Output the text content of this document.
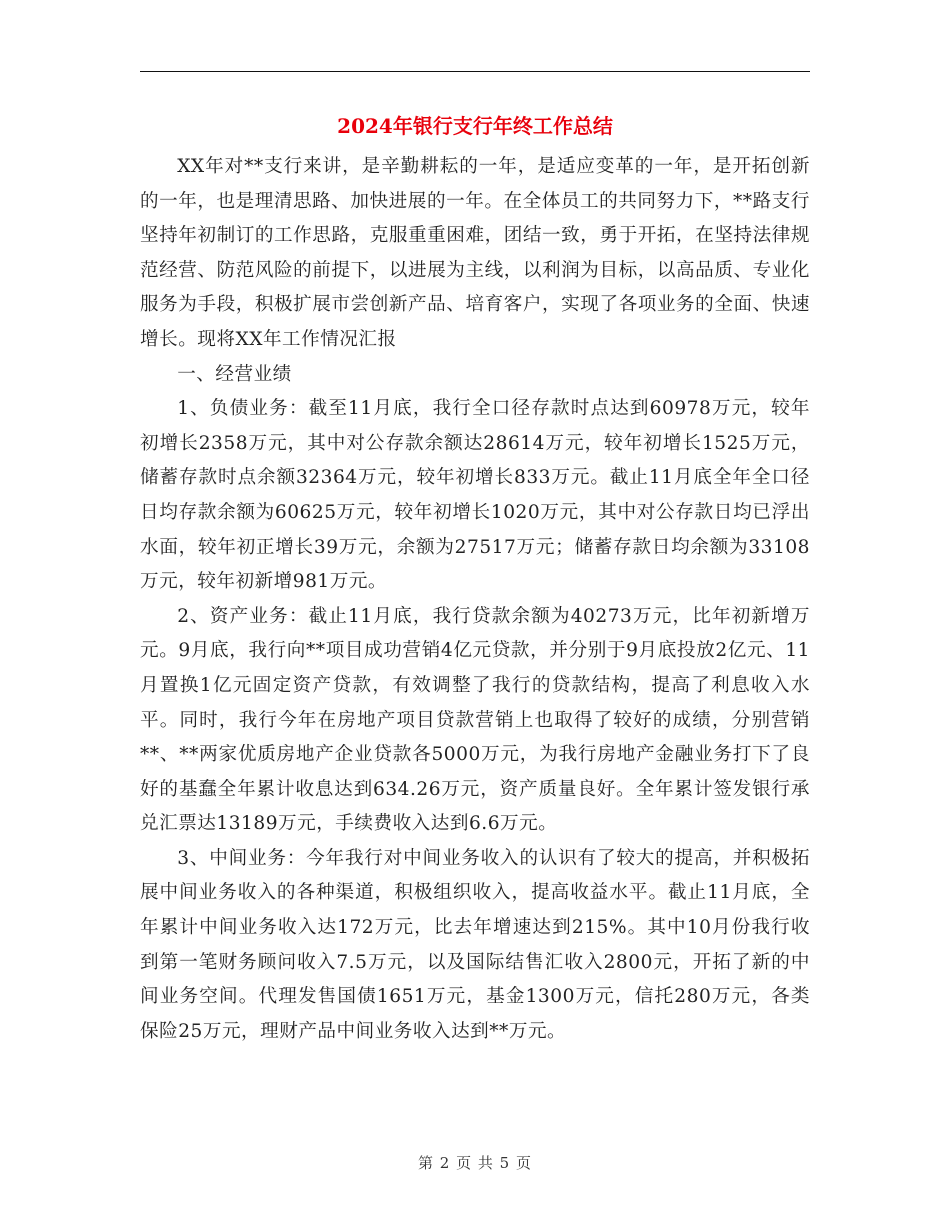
2024年银行支行年终工作总结

XX年对**支行来讲，是辛勤耕耘的一年，是适应变革的一年，是开拓创新的一年，也是理清思路、加快进展的一年。在全体员工的共同努力下，**路支行坚持年初制订的工作思路，克服重重困难，团结一致，勇于开拓，在坚持法律规范经营、防范风险的前提下，以进展为主线，以利润为目标，以高品质、专业化服务为手段，积极扩展市尝创新产品、培育客户，实现了各项业务的全面、快速增长。现将XX年工作情况汇报

一、经营业绩

1、负债业务：截至11月底，我行全口径存款时点达到60978万元，较年初增长2358万元，其中对公存款余额达28614万元，较年初增长1525万元，储蓄存款时点余额32364万元，较年初增长833万元。截止11月底全年全口径日均存款余额为60625万元，较年初增长1020万元，其中对公存款日均已浮出水面，较年初正增长39万元，余额为27517万元；储蓄存款日均余额为33108万元，较年初新增981万元。

2、资产业务：截止11月底，我行贷款余额为40273万元，比年初新增万元。9月底，我行向**项目成功营销4亿元贷款，并分别于9月底投放2亿元、11月置换1亿元固定资产贷款，有效调整了我行的贷款结构，提高了利息收入水平。同时，我行今年在房地产项目贷款营销上也取得了较好的成绩，分别营销**、**两家优质房地产企业贷款各5000万元，为我行房地产金融业务打下了良好的基蠢全年累计收息达到634.26万元，资产质量良好。全年累计签发银行承兑汇票达13189万元，手续费收入达到6.6万元。

3、中间业务：今年我行对中间业务收入的认识有了较大的提高，并积极拓展中间业务收入的各种渠道，积极组织收入，提高收益水平。截止11月底，全年累计中间业务收入达172万元，比去年增速达到215%。其中10月份我行收到第一笔财务顾问收入7.5万元，以及国际结售汇收入2800元，开拓了新的中间业务空间。代理发售国债1651万元，基金1300万元，信托280万元，各类保险25万元，理财产品中间业务收入达到**万元。

第 2 页 共 5 页
